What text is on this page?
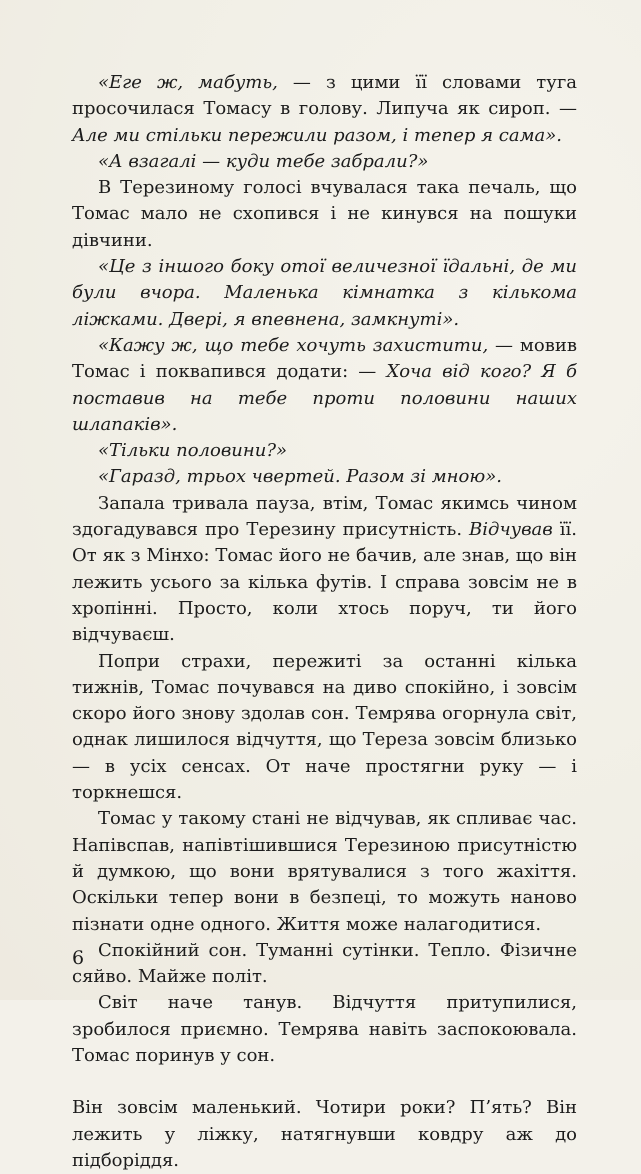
«Еге ж, мабуть, — з цими її словами туга просочилася Томасу в голову. Липуча як сироп. — Але ми стільки пережили разом, і тепер я сама».

«А взагалі — куди тебе забрали?»

В Терезиному голосі вчувалася така печаль, що Томас мало не схопився і не кинувся на пошуки дівчини.

«Це з іншого боку отої величезної їдальні, де ми були вчора. Маленька кімнатка з кількома ліжками. Двері, я впевнена, замкнуті».

«Кажу ж, що тебе хочуть захистити, — мовив Томас і поквапився додати: — Хоча від кого? Я б поставив на тебе проти половини наших шлапаків».

«Тільки половини?»

«Гаразд, трьох чвертей. Разом зі мною».

Запала тривала пауза, втім, Томас якимсь чином здогадувався про Терезину присутність. Відчував її. От як з Мінхо: Томас його не бачив, але знав, що він лежить усього за кілька футів. І справа зовсім не в хропінні. Просто, коли хтось поруч, ти його відчуваєш.

Попри страхи, пережиті за останні кілька тижнів, Томас почувався на диво спокійно, і зовсім скоро його знову здолав сон. Темрява огорнула світ, однак лишилося відчуття, що Тереза зовсім близько — в усіх сенсах. От наче простягни руку — і торкнешся.

Томас у такому стані не відчував, як спливає час. Напівспав, напівтішившися Терезиною присутністю й думкою, що вони врятувалися з того жахіття. Оскільки тепер вони в безпеці, то можуть наново пізнати одне одного. Життя може налагодитися.

Спокійний сон. Туманні сутінки. Тепло. Фізичне сяйво. Майже політ.

Світ наче танув. Відчуття притупилися, зробилося приємно. Темрява навіть заспокоювала. Томас поринув у сон.

Він зовсім маленький. Чотири роки? П’ять? Він лежить у ліжку, натягнувши ковдру аж до підборіддя.

6
